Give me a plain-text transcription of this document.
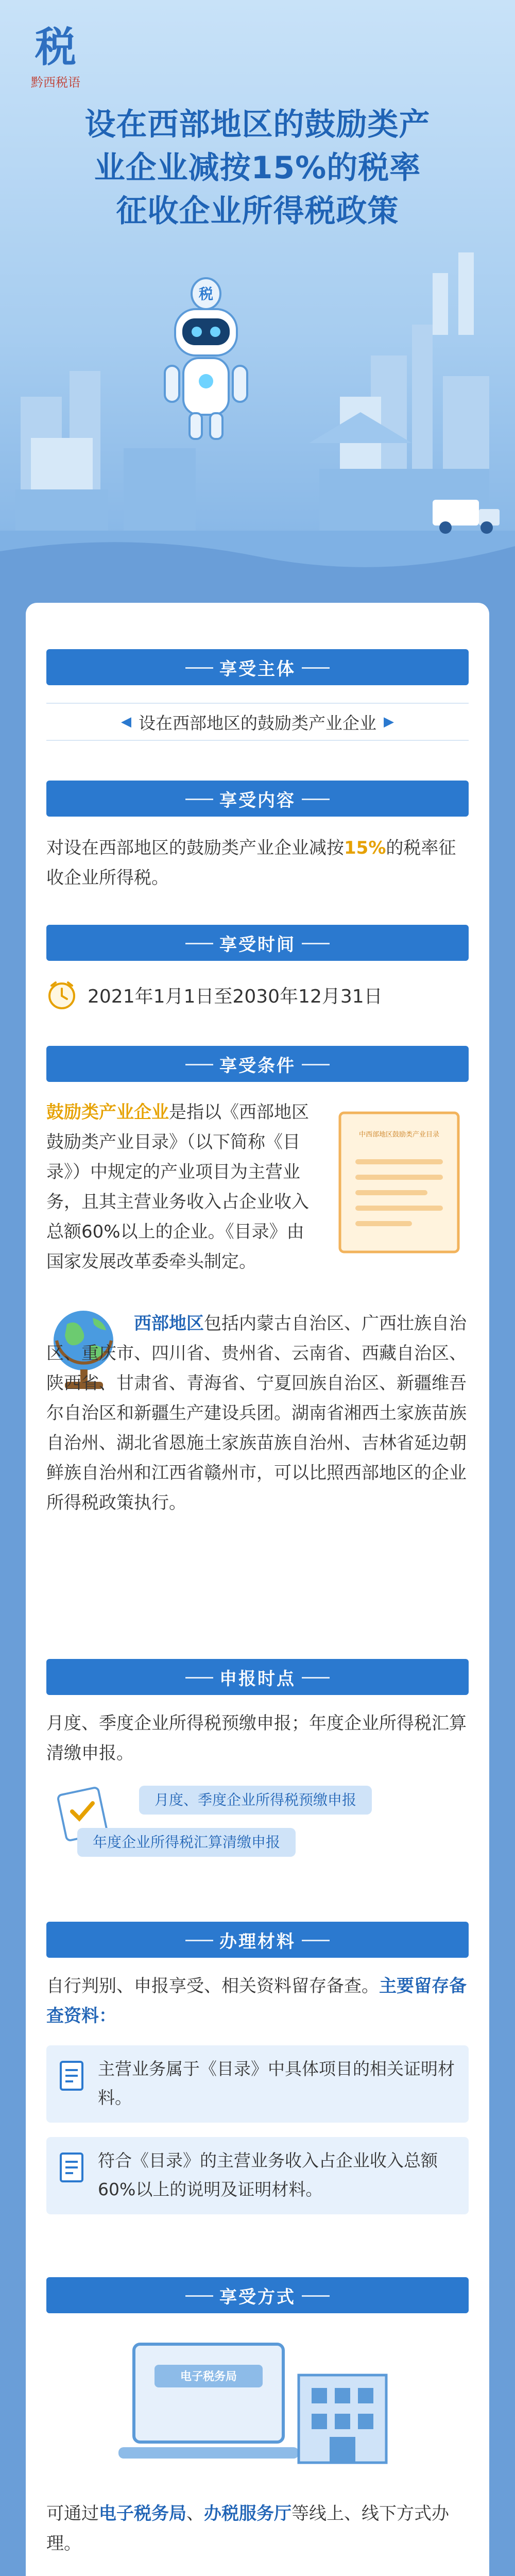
税
黔西税语
设在西部地区的鼓励类产
业企业减按15%的税率
征收企业所得税政策
税
享受主体
◀ 设在西部地区的鼓励类产业企业 ▶
享受内容

对设在西部地区的鼓励类产业企业减按15%的税率征收企业所得税。

享受时间
2021年1月1日至2030年12月31日
享受条件
中西部地区鼓励类产业目录

鼓励类产业企业是指以《西部地区鼓励类产业目录》（以下简称《目录》）中规定的产业项目为主营业务，且其主营业务收入占企业收入总额60%以上的企业。《目录》由国家发展改革委牵头制定。

西部地区包括内蒙古自治区、广西壮族自治区、重庆市、四川省、贵州省、云南省、西藏自治区、陕西省、甘肃省、青海省、宁夏回族自治区、新疆维吾尔自治区和新疆生产建设兵团。湖南省湘西土家族苗族自治州、湖北省恩施土家族苗族自治州、吉林省延边朝鲜族自治州和江西省赣州市，可以比照西部地区的企业所得税政策执行。

申报时点

月度、季度企业所得税预缴申报；年度企业所得税汇算清缴申报。

月度、季度企业所得税预缴申报
年度企业所得税汇算清缴申报
办理材料

自行判别、申报享受、相关资料留存备查。主要留存备查资料：

主营业务属于《目录》中具体项目的相关证明材料。
符合《目录》的主营业务收入占企业收入总额60%以上的说明及证明材料。
享受方式
电子税务局

可通过电子税务局、办税服务厅等线上、线下方式办理。
